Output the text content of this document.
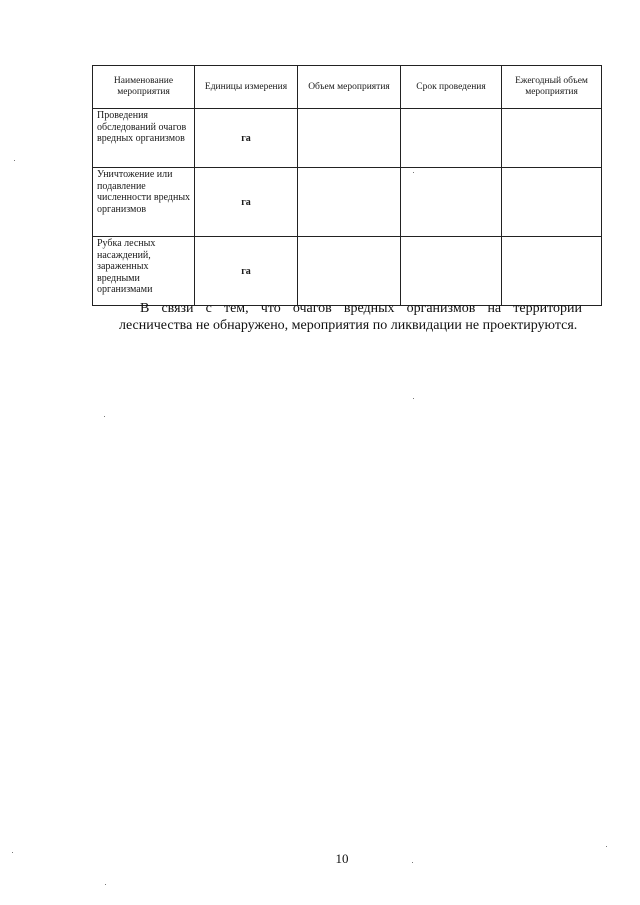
Наименование мероприятия	Единицы измерения	Объем мероприятия	Срок проведения	Ежегодный объем мероприятия
Проведения обследований очагов вредных организмов	га			
Уничтожение или подавление численности вредных организмов	га			
Рубка лесных насаждений, зараженных вредными организмами	га			
В связи с тем, что очагов вредных организмов на территории
лесничества не обнаружено, мероприятия по ликвидации не проектируются.
10
